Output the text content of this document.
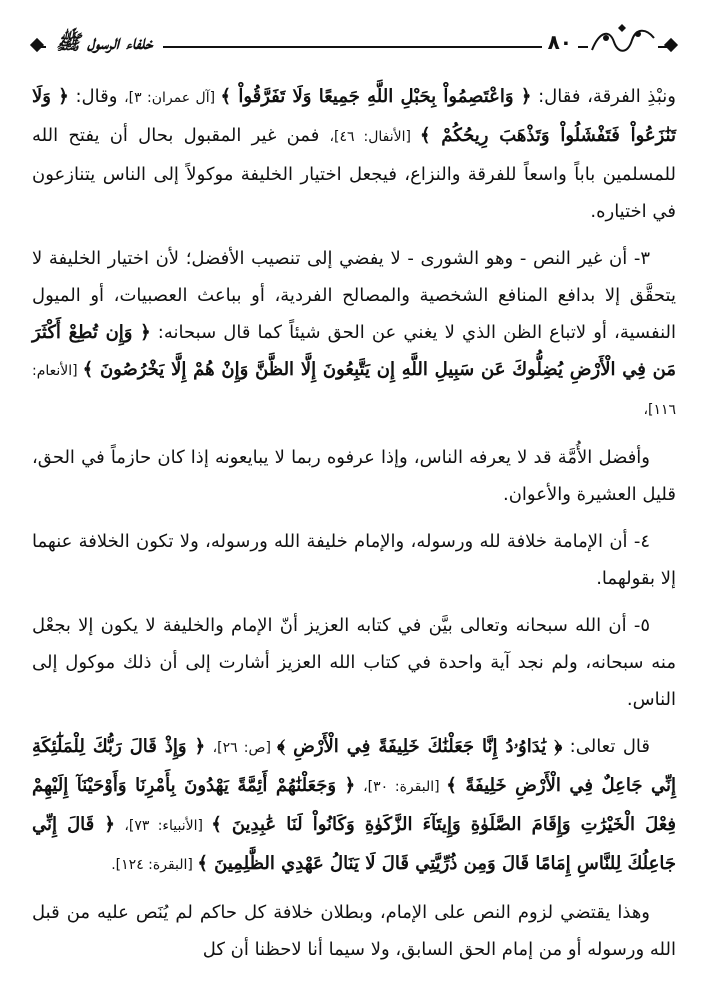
٨٠
خلفاء الرسول ﷺ

ونبْذِ الفرقة، فقال: ﴿ وَاعْتَصِمُواْ بِحَبْلِ اللَّهِ جَمِيعًا وَلَا تَفَرَّقُواْ ﴾ [آل عمران: ٣]، وقال: ﴿ وَلَا تَنَٰزَعُواْ فَتَفْشَلُواْ وَتَذْهَبَ رِيحُكُمْ ﴾ [الأنفال: ٤٦]، فمن غير المقبول بحال أن يفتح الله للمسلمين باباً واسعاً للفرقة والنزاع، فيجعل اختيار الخليفة موكولاً إلى الناس يتنازعون في اختياره.

٣- أن غير النص - وهو الشورى - لا يفضي إلى تنصيب الأفضل؛ لأن اختيار الخليفة لا يتحقَّق إلا بدافع المنافع الشخصية والمصالح الفردية، أو بباعث العصبيات، أو الميول النفسية، أو لاتباع الظن الذي لا يغني عن الحق شيئاً كما قال سبحانه: ﴿ وَإِن تُطِعْ أَكْثَرَ مَن فِي الْأَرْضِ يُضِلُّوكَ عَن سَبِيلِ اللَّهِ إِن يَتَّبِعُونَ إِلَّا الظَّنَّ وَإِنْ هُمْ إِلَّا يَخْرُصُونَ ﴾ [الأنعام: ١١٦]،

وأفضل الأُمَّة قد لا يعرفه الناس، وإذا عرفوه ربما لا يبايعونه إذا كان حازماً في الحق، قليل العشيرة والأعوان.

٤- أن الإمامة خلافة لله ورسوله، والإمام خليفة الله ورسوله، ولا تكون الخلافة عنهما إلا بقولهما.

٥- أن الله سبحانه وتعالى بيَّن في كتابه العزيز أنّ الإمام والخليفة لا يكون إلا بجعْل منه سبحانه، ولم نجد آية واحدة في كتاب الله العزيز أشارت إلى أن ذلك موكول إلى الناس.

قال تعالى: ﴿ يَٰدَاوُۥدُ إِنَّا جَعَلْنَٰكَ خَلِيفَةً فِي الْأَرْضِ ﴾ [ص: ٢٦]، ﴿ وَإِذْ قَالَ رَبُّكَ لِلْمَلَٰٓئِكَةِ إِنِّي جَاعِلٌ فِي الْأَرْضِ خَلِيفَةً ﴾ [البقرة: ٣٠]، ﴿ وَجَعَلْنَٰهُمْ أَئِمَّةً يَهْدُونَ بِأَمْرِنَا وَأَوْحَيْنَآ إِلَيْهِمْ فِعْلَ الْخَيْرَٰتِ وَإِقَامَ الصَّلَوٰةِ وَإِيتَآءَ الزَّكَوٰةِ وَكَانُواْ لَنَا عَٰبِدِينَ ﴾ [الأنبياء: ٧٣]، ﴿ قَالَ إِنِّي جَاعِلُكَ لِلنَّاسِ إِمَامًا قَالَ وَمِن ذُرِّيَّتِي قَالَ لَا يَنَالُ عَهْدِي الظَّٰلِمِينَ ﴾ [البقرة: ١٢٤].

وهذا يقتضي لزوم النص على الإمام، وبطلان خلافة كل حاكم لم يُنَص عليه من قبل الله ورسوله أو من إمام الحق السابق، ولا سيما أنا لاحظنا أن كل
